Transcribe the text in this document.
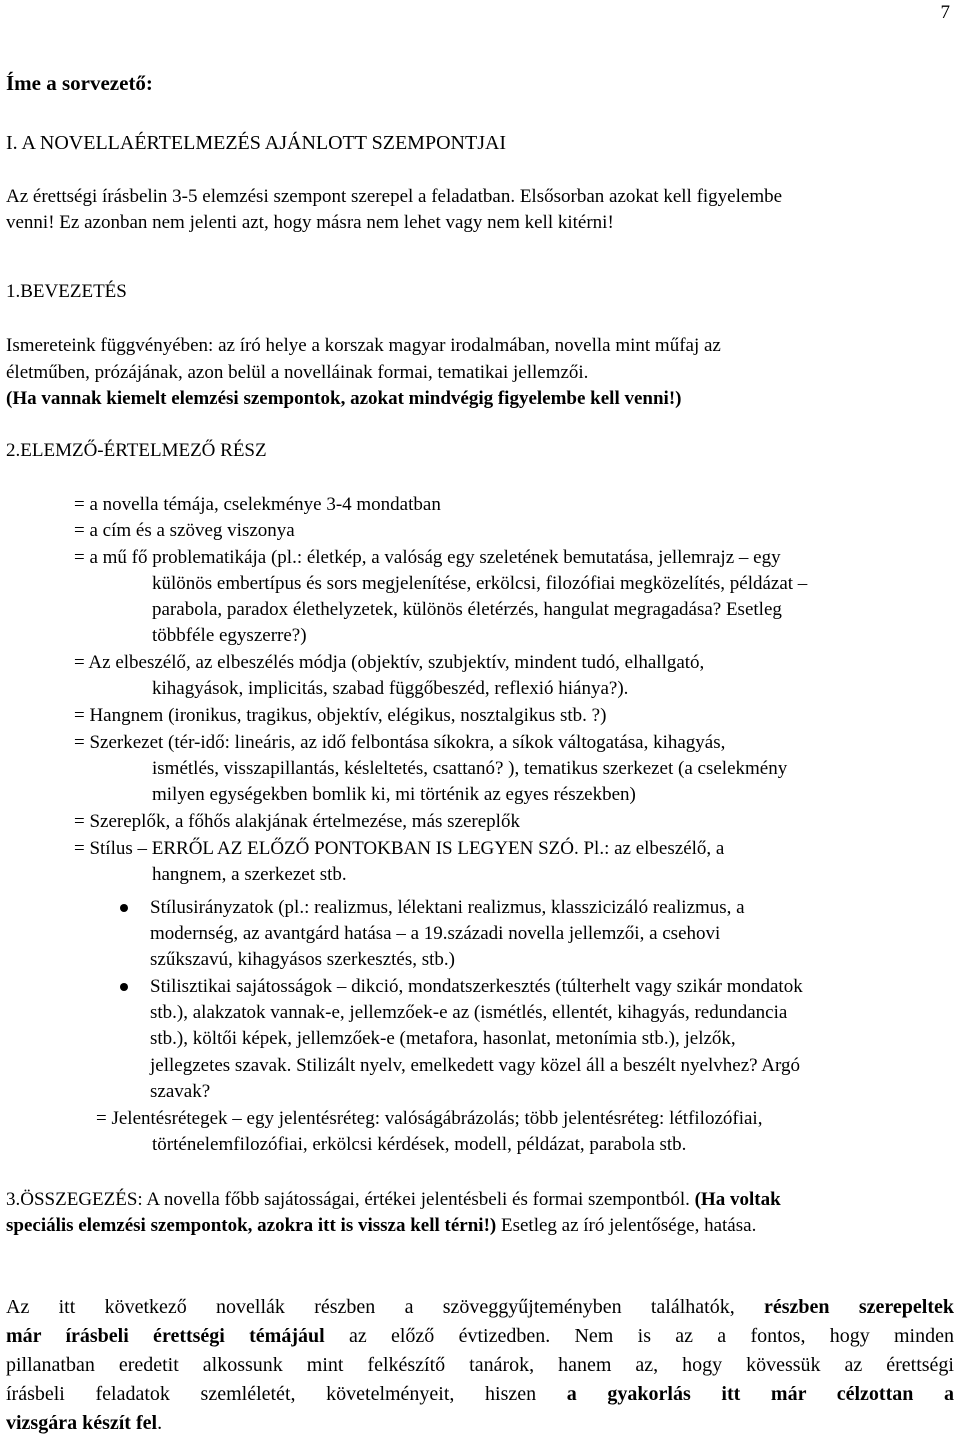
7
Íme a sorvezető:
I. A NOVELLAÉRTELMEZÉS AJÁNLOTT SZEMPONTJAI
Az érettségi írásbelin 3-5 elemzési szempont szerepel a feladatban. Elsősorban azokat kell figyelembe
venni! Ez azonban nem jelenti azt, hogy másra nem lehet vagy nem kell kitérni!
1.BEVEZETÉS
Ismereteink függvényében: az író helye a korszak magyar irodalmában, novella mint műfaj az
életműben, prózájának, azon belül a novelláinak formai, tematikai jellemzői.
(Ha vannak kiemelt elemzési szempontok, azokat mindvégig figyelembe kell venni!)
2.ELEMZŐ-ÉRTELMEZŐ RÉSZ
= a novella témája, cselekménye 3-4 mondatban
= a cím és a szöveg viszonya
= a mű fő problematikája (pl.: életkép, a valóság egy szeletének bemutatása, jellemrajz – egy
különös embertípus és sors megjelenítése, erkölcsi, filozófiai megközelítés, példázat –
parabola, paradox élethelyzetek, különös életérzés, hangulat megragadása? Esetleg
többféle egyszerre?)
= Az elbeszélő, az elbeszélés módja (objektív, szubjektív, mindent tudó, elhallgató,
kihagyások, implicitás, szabad függőbeszéd, reflexió hiánya?).
= Hangnem (ironikus, tragikus, objektív, elégikus, nosztalgikus stb. ?)
= Szerkezet (tér-idő: lineáris, az idő felbontása síkokra, a síkok váltogatása, kihagyás,
ismétlés, visszapillantás, késleltetés, csattanó? ), tematikus szerkezet (a cselekmény
milyen egységekben bomlik ki, mi történik az egyes részekben)
= Szereplők, a főhős alakjának értelmezése, más szereplők
= Stílus – ERRŐL AZ ELŐZŐ PONTOKBAN IS LEGYEN SZÓ. Pl.: az elbeszélő, a
hangnem, a szerkezet stb.
Stílusirányzatok (pl.: realizmus, lélektani realizmus, klasszicizáló realizmus, a
modernség, az avantgárd hatása – a 19.századi novella jellemzői, a csehovi
szűkszavú, kihagyásos szerkesztés, stb.)
Stilisztikai sajátosságok – dikció, mondatszerkesztés (túlterhelt vagy szikár mondatok
stb.), alakzatok vannak-e, jellemzőek-e az (ismétlés, ellentét, kihagyás, redundancia
stb.), költői képek, jellemzőek-e (metafora, hasonlat, metonímia stb.), jelzők,
jellegzetes szavak. Stilizált nyelv, emelkedett vagy közel áll a beszélt nyelvhez? Argó
szavak?
= Jelentésrétegek – egy jelentésréteg: valóságábrázolás; több jelentésréteg: létfilozófiai,
történelemfilozófiai, erkölcsi kérdések, modell, példázat, parabola stb.
3.ÖSSZEGEZÉS: A novella főbb sajátosságai, értékei jelentésbeli és formai szempontból. (Ha voltak
speciális elemzési szempontok, azokra itt is vissza kell térni!) Esetleg az író jelentősége, hatása.
Az itt következő novellák részben a szöveggyűjteményben találhatók, részben szerepeltek
már írásbeli érettségi témájául az előző évtizedben. Nem is az a fontos, hogy minden
pillanatban eredetit alkossunk mint felkészítő tanárok, hanem az, hogy kövessük az érettségi
írásbeli feladatok szemléletét, követelményeit, hiszen a gyakorlás itt már célzottan a
vizsgára készít fel.
